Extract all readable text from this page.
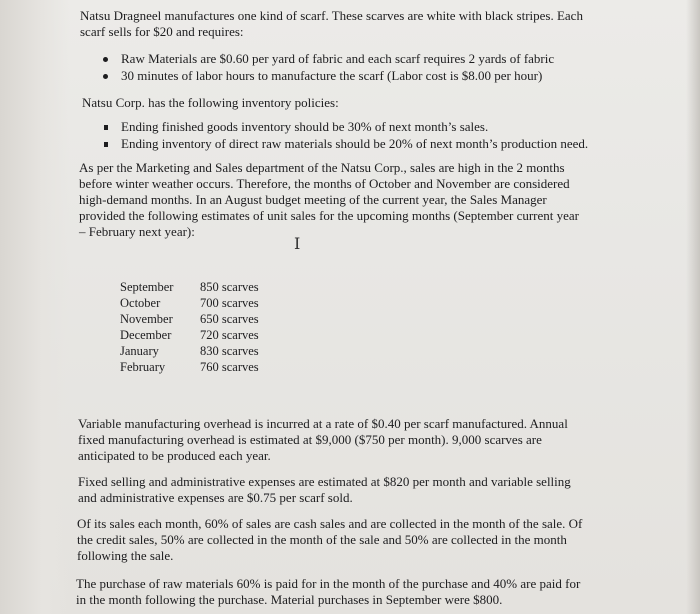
Natsu Dragneel manufactures one kind of scarf. These scarves are white with black stripes. Each
scarf sells for $20 and requires:
Raw Materials are $0.60 per yard of fabric and each scarf requires 2 yards of fabric
30 minutes of labor hours to manufacture the scarf (Labor cost is $8.00 per hour)
Natsu Corp. has the following inventory policies:
Ending finished goods inventory should be 30% of next month’s sales.
Ending inventory of direct raw materials should be 20% of next month’s production need.
As per the Marketing and Sales department of the Natsu Corp., sales are high in the 2 months
before winter weather occurs. Therefore, the months of October and November are considered
high-demand months. In an August budget meeting of the current year, the Sales Manager
provided the following estimates of unit sales for the upcoming months (September current year
– February next year):
I
September 850 scarves
October	700 scarves
November 650 scarves
December 720 scarves
January	830 scarves
February	760 scarves
Variable manufacturing overhead is incurred at a rate of $0.40 per scarf manufactured. Annual
fixed manufacturing overhead is estimated at $9,000 ($750 per month). 9,000 scarves are
anticipated to be produced each year.
Fixed selling and administrative expenses are estimated at $820 per month and variable selling
and administrative expenses are $0.75 per scarf sold.
Of its sales each month, 60% of sales are cash sales and are collected in the month of the sale. Of
the credit sales, 50% are collected in the month of the sale and 50% are collected in the month
following the sale.
The purchase of raw materials 60% is paid for in the month of the purchase and 40% are paid for
in the month following the purchase. Material purchases in September were $800.
